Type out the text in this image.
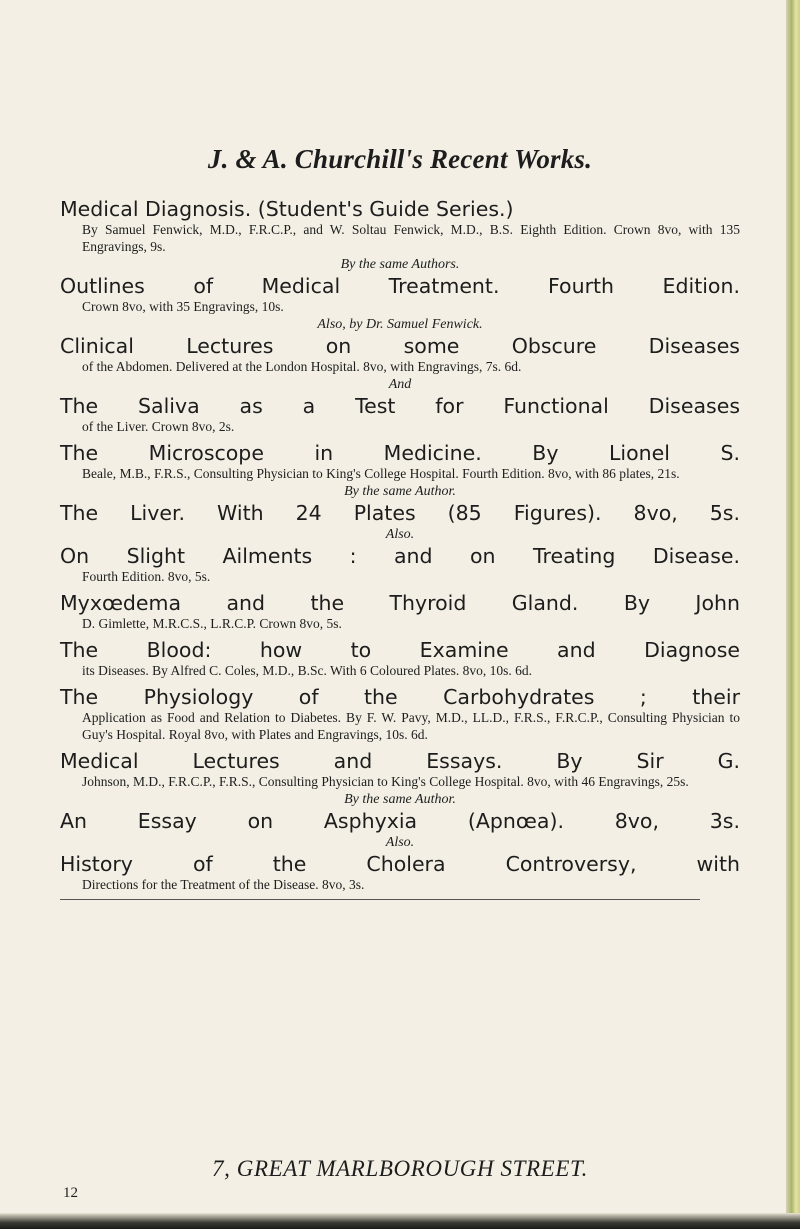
J. & A. Churchill's Recent Works.
Medical Diagnosis. (Student's Guide Series.)
By Samuel Fenwick, M.D., F.R.C.P., and W. Soltau Fenwick, M.D., B.S. Eighth Edition. Crown 8vo, with 135 Engravings, 9s.
By the same Authors.
Outlines of Medical Treatment. Fourth Edition.
Crown 8vo, with 35 Engravings, 10s.
Also, by Dr. Samuel Fenwick.
Clinical Lectures on some Obscure Diseases
of the Abdomen. Delivered at the London Hospital. 8vo, with Engravings, 7s. 6d.
And
The Saliva as a Test for Functional Diseases
of the Liver. Crown 8vo, 2s.
The Microscope in Medicine. By Lionel S.
Beale, M.B., F.R.S., Consulting Physician to King's College Hospital. Fourth Edition. 8vo, with 86 plates, 21s.
By the same Author.
The Liver. With 24 Plates (85 Figures). 8vo, 5s.
Also.
On Slight Ailments : and on Treating Disease.
Fourth Edition. 8vo, 5s.
Myxœdema and the Thyroid Gland. By John
D. Gimlette, M.R.C.S., L.R.C.P. Crown 8vo, 5s.
The Blood: how to Examine and Diagnose
its Diseases. By Alfred C. Coles, M.D., B.Sc. With 6 Coloured Plates. 8vo, 10s. 6d.
The Physiology of the Carbohydrates ; their
Application as Food and Relation to Diabetes. By F. W. Pavy, M.D., LL.D., F.R.S., F.R.C.P., Consulting Physician to Guy's Hospital. Royal 8vo, with Plates and Engravings, 10s. 6d.
Medical Lectures and Essays. By Sir G.
Johnson, M.D., F.R.C.P., F.R.S., Consulting Physician to King's College Hospital. 8vo, with 46 Engravings, 25s.
By the same Author.
An Essay on Asphyxia (Apnœa). 8vo, 3s.
Also.
History of the Cholera Controversy, with
Directions for the Treatment of the Disease. 8vo, 3s.
7, GREAT MARLBOROUGH STREET.
12
